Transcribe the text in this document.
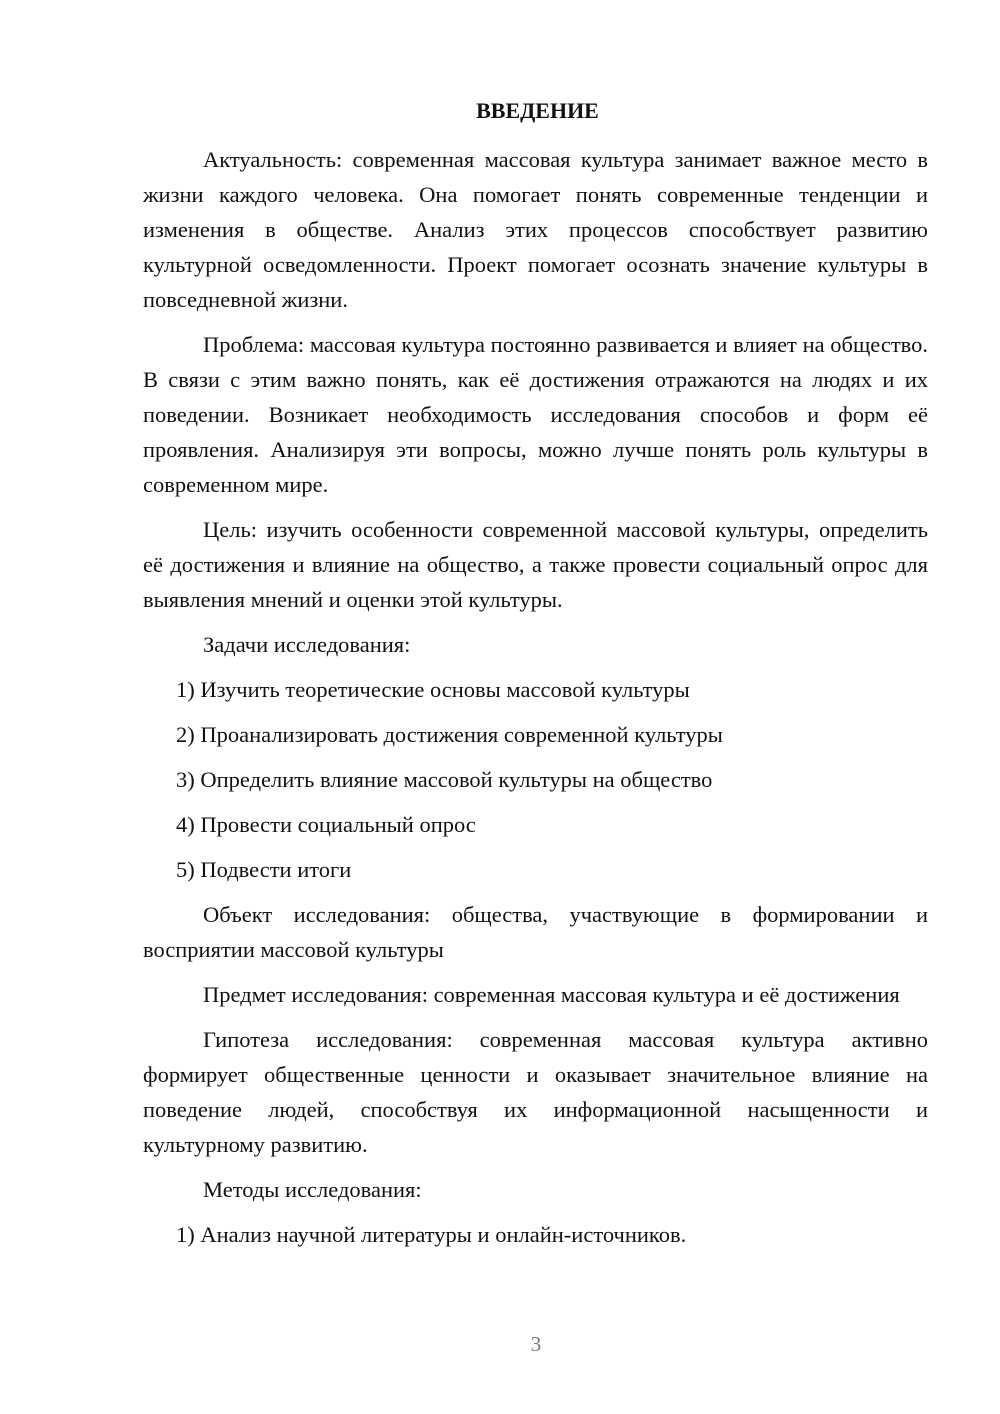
ВВЕДЕНИЕ

Актуальность: современная массовая культура занимает важное место в жизни каждого человека. Она помогает понять современные тенденции и изменения в обществе. Анализ этих процессов способствует развитию культурной осведомленности. Проект помогает осознать значение культуры в повседневной жизни.

Проблема: массовая культура постоянно развивается и влияет на общество. В связи с этим важно понять, как её достижения отражаются на людях и их поведении. Возникает необходимость исследования способов и форм её проявления. Анализируя эти вопросы, можно лучше понять роль культуры в современном мире.

Цель: изучить особенности современной массовой культуры, определить её достижения и влияние на общество, а также провести социальный опрос для выявления мнений и оценки этой культуры.

Задачи исследования:

1) Изучить теоретические основы массовой культуры
2) Проанализировать достижения современной культуры
3) Определить влияние массовой культуры на общество
4) Провести социальный опрос
5) Подвести итоги

Объект исследования: общества, участвующие в формировании и восприятии массовой культуры

Предмет исследования: современная массовая культура и её достижения

Гипотеза исследования: современная массовая культура активно формирует общественные ценности и оказывает значительное влияние на поведение людей, способствуя их информационной насыщенности и культурному развитию.

Методы исследования:

1) Анализ научной литературы и онлайн-источников.
3
